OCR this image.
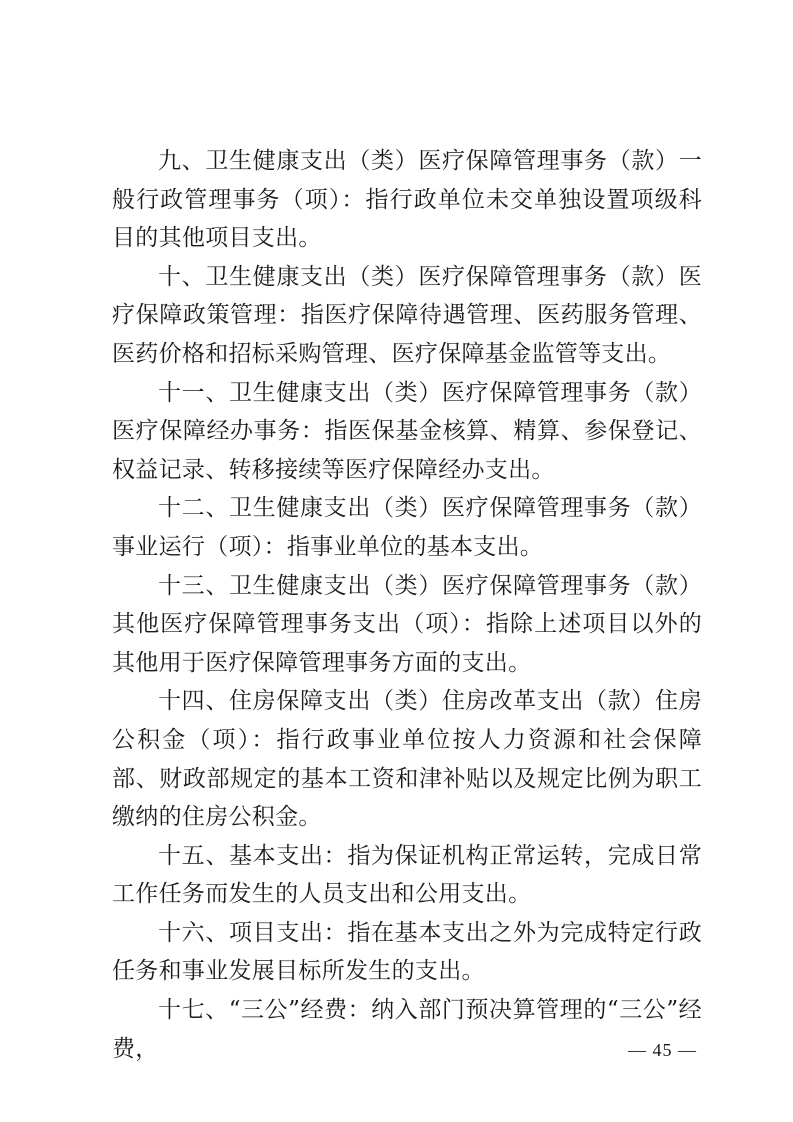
九、卫生健康支出（类）医疗保障管理事务（款）一般行政管理事务（项）：指行政单位未交单独设置项级科目的其他项目支出。

十、卫生健康支出（类）医疗保障管理事务（款）医疗保障政策管理：指医疗保障待遇管理、医药服务管理、医药价格和招标采购管理、医疗保障基金监管等支出。

十一、卫生健康支出（类）医疗保障管理事务（款）医疗保障经办事务：指医保基金核算、精算、参保登记、权益记录、转移接续等医疗保障经办支出。

十二、卫生健康支出（类）医疗保障管理事务（款）事业运行（项）：指事业单位的基本支出。

十三、卫生健康支出（类）医疗保障管理事务（款）其他医疗保障管理事务支出（项）：指除上述项目以外的其他用于医疗保障管理事务方面的支出。

十四、住房保障支出（类）住房改革支出（款）住房公积金（项）：指行政事业单位按人力资源和社会保障部、财政部规定的基本工资和津补贴以及规定比例为职工缴纳的住房公积金。

十五、基本支出：指为保证机构正常运转，完成日常工作任务而发生的人员支出和公用支出。

十六、项目支出：指在基本支出之外为完成特定行政任务和事业发展目标所发生的支出。

十七、“三公”经费：纳入部门预决算管理的“三公”经费，	— 45 —
